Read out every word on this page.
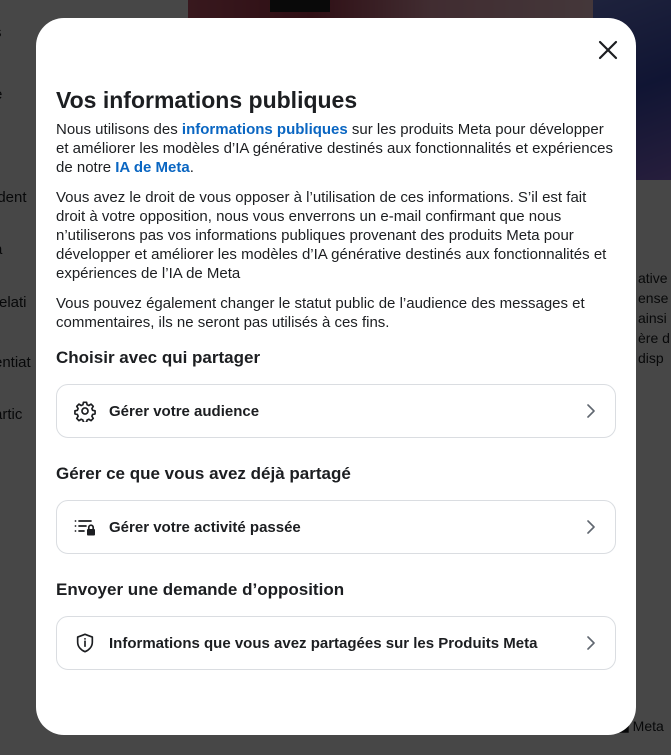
Vos informations publiques

Nous utilisons des informations publiques sur les produits Meta pour développer et améliorer les modèles d’IA générative destinés aux fonctionnalités et expériences de notre IA de Meta.

Vous avez le droit de vous opposer à l’utilisation de ces informations. S’il est fait droit à votre opposition, nous vous enverrons un e-mail confirmant que nous n’utiliserons pas vos informations publiques provenant des produits Meta pour développer et améliorer les modèles d’IA générative destinés aux fonctionnalités et expériences de l’IA de Meta

Vous pouvez également changer le statut public de l’audience des messages et commentaires, ils ne seront pas utilisés à ces fins.

Choisir avec qui partager
Gérer votre audience
Gérer ce que vous avez déjà partagé
Gérer votre activité passée
Envoyer une demande d’opposition
Informations que vous avez partagées sur les Produits Meta
